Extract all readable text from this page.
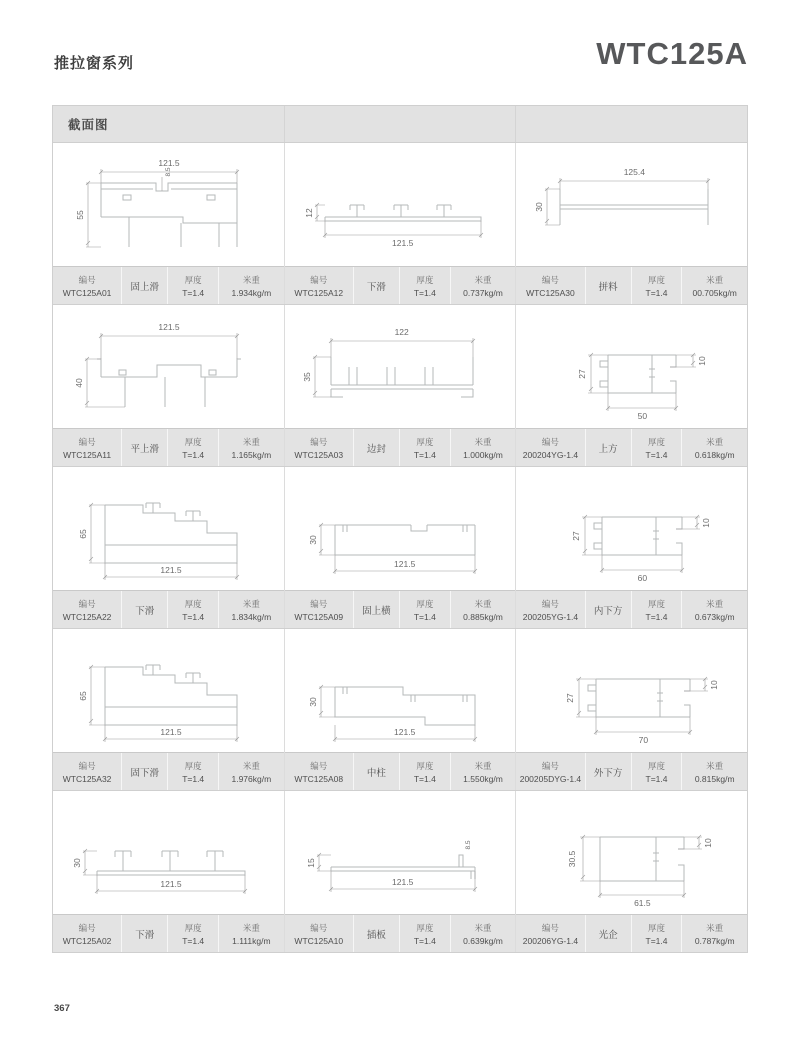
推拉窗系列	WTC125A
截面图
121.5
55
8.5
编号
WTC125A01 固上滑
厚度
T=1.4
米重
1.934kg/m
12
121.5
编号
WTC125A12	下滑
厚度
T=1.4
米重
0.737kg/m
125.4
30
编号
WTC125A30	拼料
厚度
T=1.4
米重
00.705kg/m
121.5
40
编号
WTC125A11 平上滑
厚度
T=1.4
米重
1.165kg/m
122
35
编号
WTC125A03	边封
厚度
T=1.4
米重
1.000kg/m
27
10
50
编号
200204YG-1.4 上方
厚度
T=1.4
米重
0.618kg/m
65
121.5
编号
WTC125A22	下滑
厚度
T=1.4
米重
1.834kg/m
30
121.5
编号
WTC125A09 固上横
厚度
T=1.4
米重
0.885kg/m
27
10
60
编号
200205YG-1.4 内下方
厚度
T=1.4
米重
0.673kg/m
65
121.5
编号
WTC125A32 固下滑
厚度
T=1.4
米重
1.976kg/m
30
121.5
编号
WTC125A08	中柱
厚度
T=1.4
米重
1.550kg/m
27
10
70
编号
200205DYG-1.4 外下方
厚度
T=1.4
米重
0.815kg/m
30
121.5
编号
WTC125A02	下滑
厚度
T=1.4
米重
1.111kg/m
15
121.5
8.5
编号
WTC125A10	插板
厚度
T=1.4
米重
0.639kg/m
30.5
10
61.5
编号
200206YG-1.4 光企
厚度
T=1.4
米重
0.787kg/m
367
